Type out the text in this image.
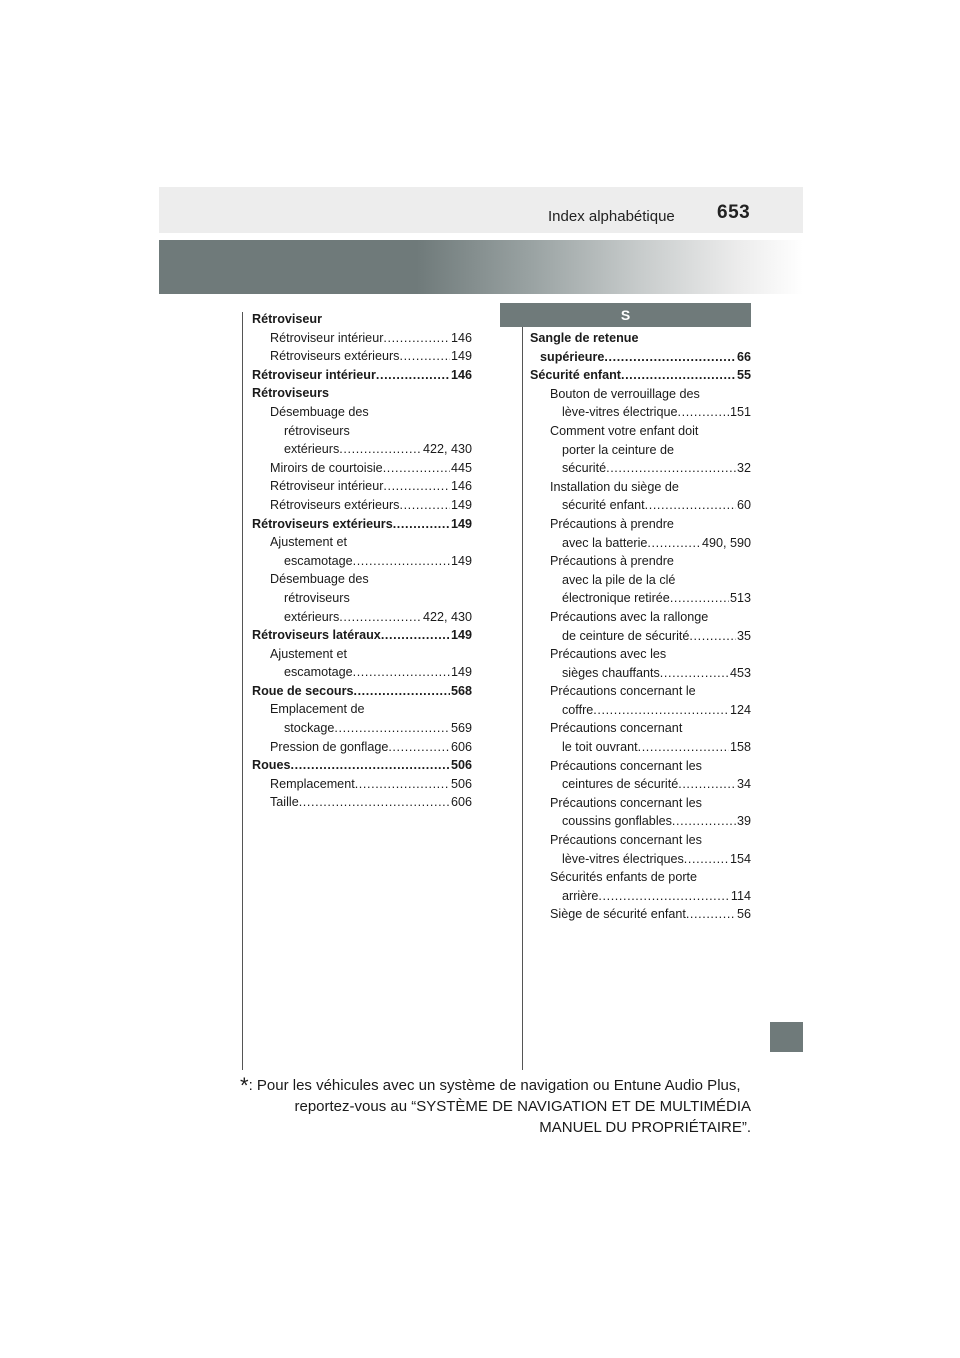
Index alphabétique 653
Rétroviseur
Rétroviseur intérieur .....	146
Rétroviseurs extérieurs .....	149
Rétroviseur intérieur .....	146
Rétroviseurs
Désembuage des
rétroviseurs
extérieurs .....	422, 430
Miroirs de courtoisie .....	445
Rétroviseur intérieur .....	146
Rétroviseurs extérieurs .....	149
Rétroviseurs extérieurs .....	149
Ajustement et
escamotage .....	149
Désembuage des
rétroviseurs
extérieurs .....	422, 430
Rétroviseurs latéraux .....	149
Ajustement et
escamotage .....	149
Roue de secours .....	568
Emplacement de
stockage .....	569
Pression de gonflage .....	606
Roues .....	506
Remplacement .....	506
Taille .....	606
S
Sangle de retenue
supérieure .....	66
Sécurité enfant .....	55
Bouton de verrouillage des
lève-vitres électrique .....	151
Comment votre enfant doit
porter la ceinture de
sécurité .....	32
Installation du siège de
sécurité enfant .....	60
Précautions à prendre
avec la batterie .....	490, 590
Précautions à prendre
avec la pile de la clé
électronique retirée .....	513
Précautions avec la rallonge
de ceinture de sécurité .....	35
Précautions avec les
sièges chauffants .....	453
Précautions concernant le
coffre .....	124
Précautions concernant
le toit ouvrant .....	158
Précautions concernant les
ceintures de sécurité .....	34
Précautions concernant les
coussins gonflables .....	39
Précautions concernant les
lève-vitres électriques .....	154
Sécurités enfants de porte
arrière .....	114
Siège de sécurité enfant .....	56
*: Pour les véhicules avec un système de navigation ou Entune Audio Plus,
reportez-vous au “SYSTÈME DE NAVIGATION ET DE MULTIMÉDIA
MANUEL DU PROPRIÉTAIRE”.
